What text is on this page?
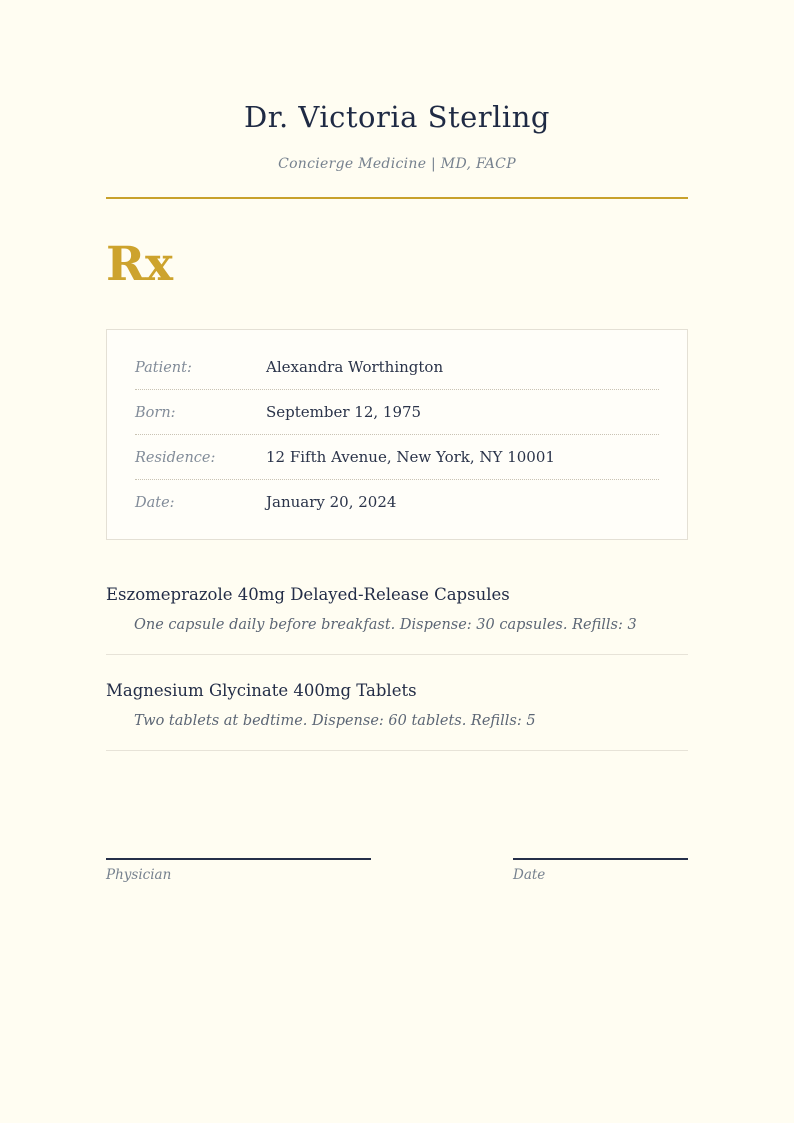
Dr. Victoria Sterling

Concierge Medicine | MD, FACP

Rx
Patient:	Alexandra Worthington
Born:	September 12, 1975
Residence:	12 Fifth Avenue, New York, NY 10001
Date:	January 20, 2024
Eszomeprazole 40mg Delayed-Release Capsules
One capsule daily before breakfast. Dispense: 30 capsules. Refills: 3
Magnesium Glycinate 400mg Tablets
Two tablets at bedtime. Dispense: 60 tablets. Refills: 5
Physician	Date
